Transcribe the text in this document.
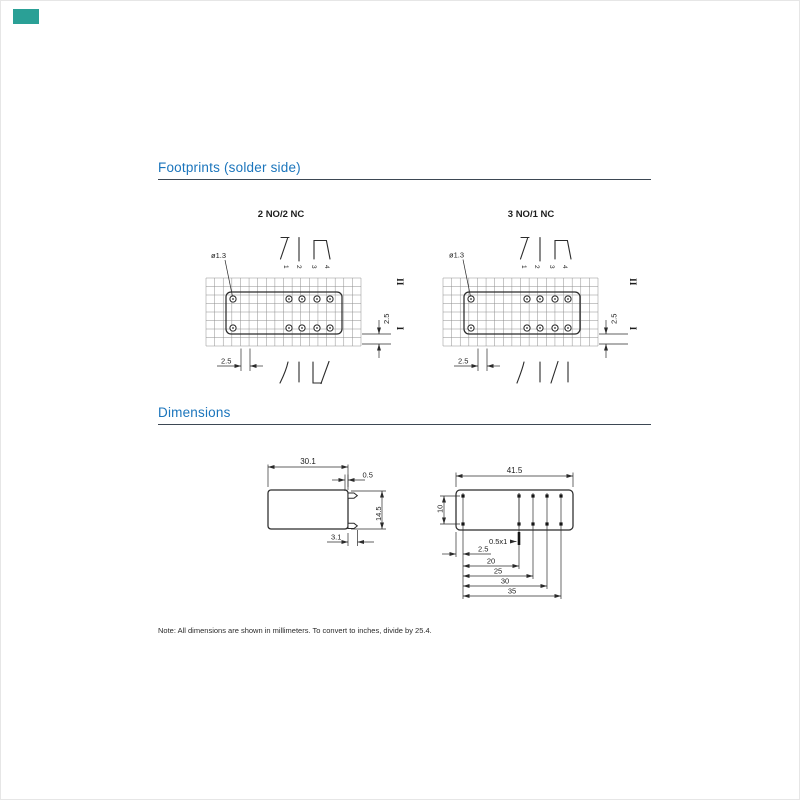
Footprints (solder side)
2 NO/2 NC
1 2 3 4
ø1.3
2.5
2.5
II
I
3 NO/1 NC
1 2 3 4
ø1.3
2.5
2.5
II
I
Dimensions
30.1
0.5
14.5
3.1
41.5
10
0.5x1
2.5
20
25
30
35
Note: All dimensions are shown in millimeters. To convert to inches, divide by 25.4.
